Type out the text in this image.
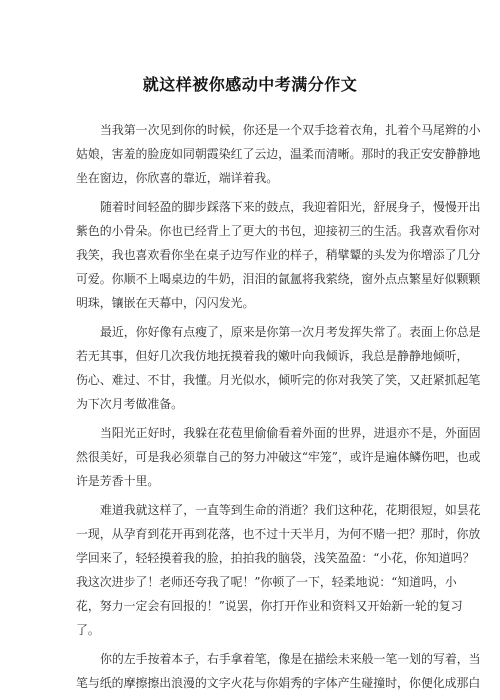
就这样被你感动中考满分作文
当我第一次见到你的时候，你还是一个双手捻着衣角，扎着个马尾辫的小
姑娘，害羞的脸庞如同朝霞染红了云边，温柔而清晰。那时的我正安安静静地
坐在窗边，你欣喜的靠近，端详着我。
随着时间轻盈的脚步踩落下来的鼓点，我迎着阳光，舒展身子，慢慢开出
紫色的小骨朵。你也已经背上了更大的书包，迎接初三的生活。我喜欢看你对
我笑，我也喜欢看你坐在桌子边写作业的样子，稍擘颦的头发为你增添了几分
可爱。你顺不上喝桌边的牛奶，泪泪的氤氲将我萦绕，窗外点点繁星好似颗颗
明珠，镶嵌在天幕中，闪闪发光。
最近，你好像有点瘦了，原来是你第一次月考发挥失常了。表面上你总是
若无其事，但好几次我仿地抚摸着我的嫩叶向我倾诉，我总是静静地倾听，
伤心、难过、不甘，我懂。月光似水，倾听完的你对我笑了笑，又赶紧抓起笔
为下次月考做准备。
当阳光正好时，我躲在花苞里偷偷看着外面的世界，进退亦不是，外面固
然很美好，可是我必须靠自己的努力冲破这“牢笼”，或许是遍体鳞伤吧，也或
许是芳香十里。
难道我就这样了，一直等到生命的消逝？我们这种花，花期很短，如昙花
一现，从孕育到花开再到花落，也不过十天半月，为何不赌一把？那时，你放
学回来了，轻轻摸着我的脸，拍拍我的脑袋，浅笑盈盈：“小花，你知道吗？
我这次进步了！老师还夸我了呢！”你顿了一下，轻柔地说：“知道吗，小
花，努力一定会有回报的！”说罢，你打开作业和资料又开始新一轮的复习
了。
你的左手按着本子，右手拿着笔，像是在描绘未来般一笔一划的写着，当
笔与纸的摩擦擦出浪漫的文字火花与你娟秀的字体产生碰撞时，你便化成那白
